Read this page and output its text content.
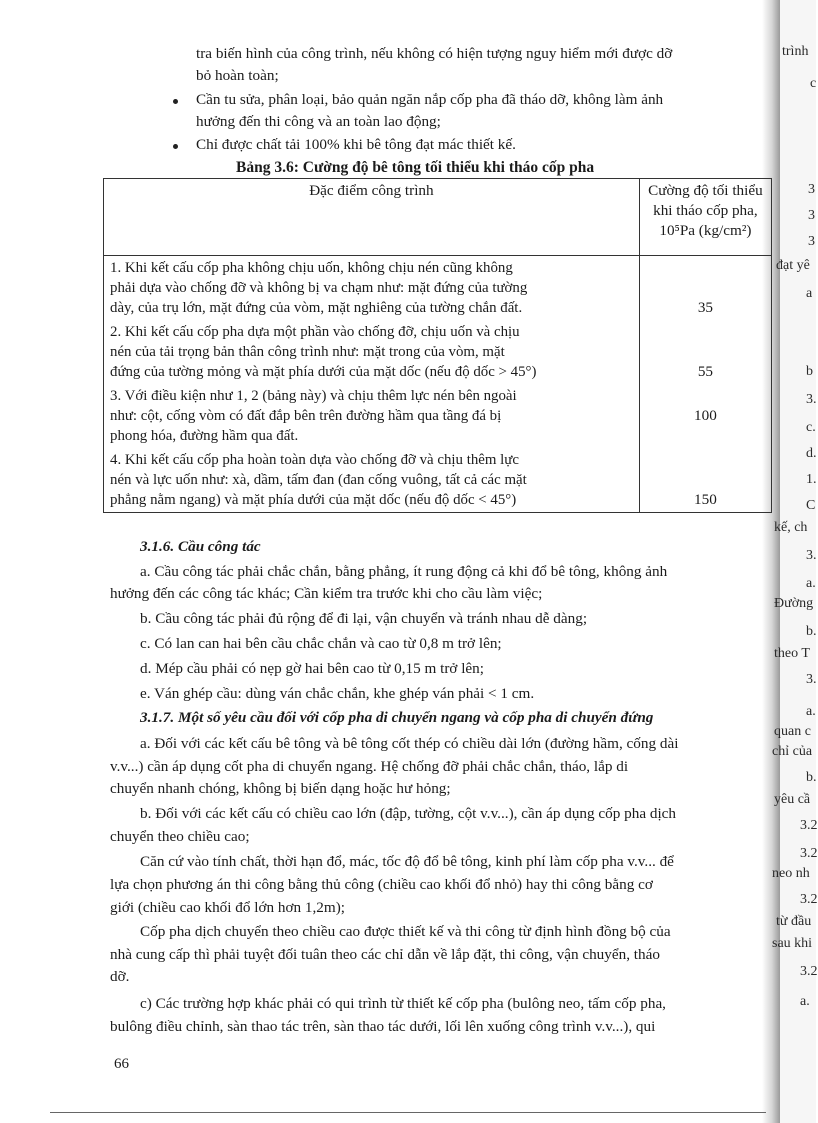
trình
c
3
3
3
đạt yê
a
b
3.
c.
d.
1.
C
kế, ch
3.
a.
Đường
b.
theo T
3.
a.
quan c
chỉ của
b.
yêu cầ
3.2
3.2
neo nh
3.2
từ đầu
sau khi
3.2
a.
tra biến hình của công trình, nếu không có hiện tượng nguy hiểm mới được dỡ
bỏ hoàn toàn;
Cần tu sửa, phân loại, bảo quản ngăn nắp cốp pha đã tháo dỡ, không làm ảnh
hưởng đến thi công và an toàn lao động;
Chỉ được chất tải 100% khi bê tông đạt mác thiết kế.
Bảng 3.6: Cường độ bê tông tối thiểu khi tháo cốp pha
Đặc điểm công trình	Cường độ tối thiểu
khi tháo cốp pha,
10⁵Pa (kg/cm²)

1. Khi kết cấu cốp pha không chịu uốn, không chịu nén cũng không
phải dựa vào chống đỡ và không bị va chạm như: mặt đứng của tường
dày, của trụ lớn, mặt đứng của vòm, mặt nghiêng của tường chắn đất.	35

2. Khi kết cấu cốp pha dựa một phần vào chống đỡ, chịu uốn và chịu
nén của tải trọng bản thân công trình như: mặt trong của vòm, mặt
đứng của tường mỏng và mặt phía dưới của mặt dốc (nếu độ dốc > 45°)	55

3. Với điều kiện như 1, 2 (bảng này) và chịu thêm lực nén bên ngoài
như: cột, cống vòm có đất đắp bên trên đường hầm qua tầng đá bị
phong hóa, đường hầm qua đất.	100

4. Khi kết cấu cốp pha hoàn toàn dựa vào chống đỡ và chịu thêm lực
nén và lực uốn như: xà, dầm, tấm đan (đan cống vuông, tất cả các mặt
phẳng nằm ngang) và mặt phía dưới của mặt dốc (nếu độ dốc < 45°)	150
3.1.6. Cầu công tác
a. Cầu công tác phải chắc chắn, bằng phẳng, ít rung động cả khi đổ bê tông, không ảnh
hưởng đến các công tác khác; Cần kiểm tra trước khi cho cầu làm việc;
b. Cầu công tác phải đủ rộng để đi lại, vận chuyển và tránh nhau dễ dàng;
c. Có lan can hai bên cầu chắc chắn và cao từ 0,8 m trở lên;
d. Mép cầu phải có nẹp gờ hai bên cao từ 0,15 m trở lên;
e. Ván ghép cầu: dùng ván chắc chắn, khe ghép ván phải < 1 cm.
3.1.7. Một số yêu cầu đối với cốp pha di chuyển ngang và cốp pha di chuyển đứng
a. Đối với các kết cấu bê tông và bê tông cốt thép có chiều dài lớn (đường hầm, cống dài
v.v...) cần áp dụng cốt pha di chuyển ngang. Hệ chống đỡ phải chắc chắn, tháo, lắp di
chuyển nhanh chóng, không bị biến dạng hoặc hư hỏng;
b. Đối với các kết cấu có chiều cao lớn (đập, tường, cột v.v...), cần áp dụng cốp pha dịch
chuyển theo chiều cao;
Căn cứ vào tính chất, thời hạn đổ, mác, tốc độ đổ bê tông, kinh phí làm cốp pha v.v... để
lựa chọn phương án thi công bằng thủ công (chiều cao khối đổ nhỏ) hay thi công bằng cơ
giới (chiều cao khối đổ lớn hơn 1,2m);
Cốp pha dịch chuyển theo chiều cao được thiết kế và thi công từ định hình đồng bộ của
nhà cung cấp thì phải tuyệt đối tuân theo các chỉ dẫn về lắp đặt, thi công, vận chuyển, tháo
dỡ.
c) Các trường hợp khác phải có qui trình từ thiết kế cốp pha (bulông neo, tấm cốp pha,
bulông điều chỉnh, sàn thao tác trên, sàn thao tác dưới, lối lên xuống công trình v.v...), qui
66
